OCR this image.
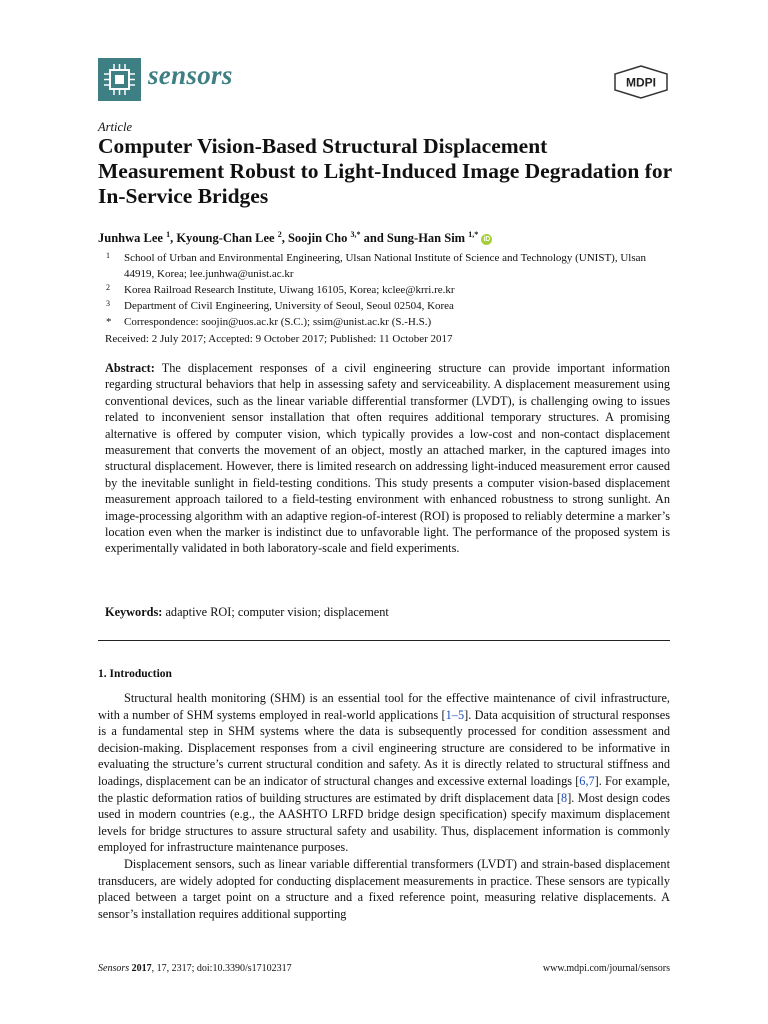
sensors	MDPI
Article
Computer Vision-Based Structural Displacement Measurement Robust to Light-Induced Image Degradation for In-Service Bridges
Junhwa Lee $^1$, Kyoung-Chan Lee $^2$, Soojin Cho $^{3,*}$ and Sung-Han Sim $^{1,*}$ iD
1 School of Urban and Environmental Engineering, Ulsan National Institute of Science and Technology (UNIST), Ulsan 44919, Korea; lee.junhwa@unist.ac.kr
2 Korea Railroad Research Institute, Uiwang 16105, Korea; kclee@krri.re.kr
3 Department of Civil Engineering, University of Seoul, Seoul 02504, Korea
* Correspondence: soojin@uos.ac.kr (S.C.); ssim@unist.ac.kr (S.-H.S.)
Received: 2 July 2017; Accepted: 9 October 2017; Published: 11 October 2017

Abstract: The displacement responses of a civil engineering structure can provide important information regarding structural behaviors that help in assessing safety and serviceability. A displacement measurement using conventional devices, such as the linear variable differential transformer (LVDT), is challenging owing to issues related to inconvenient sensor installation that often requires additional temporary structures. A promising alternative is offered by computer vision, which typically provides a low-cost and non-contact displacement measurement that converts the movement of an object, mostly an attached marker, in the captured images into structural displacement. However, there is limited research on addressing light-induced measurement error caused by the inevitable sunlight in field-testing conditions. This study presents a computer vision-based displacement measurement approach tailored to a field-testing environment with enhanced robustness to strong sunlight. An image-processing algorithm with an adaptive region-of-interest (ROI) is proposed to reliably determine a marker’s location even when the marker is indistinct due to unfavorable light. The performance of the proposed system is experimentally validated in both laboratory-scale and field experiments.

Keywords: adaptive ROI; computer vision; displacement
1. Introduction

Structural health monitoring (SHM) is an essential tool for the effective maintenance of civil infrastructure, with a number of SHM systems employed in real-world applications [1–5]. Data acquisition of structural responses is a fundamental step in SHM systems where the data is subsequently processed for condition assessment and decision-making. Displacement responses from a civil engineering structure are considered to be informative in evaluating the structure’s current structural condition and safety. As it is directly related to structural stiffness and loadings, displacement can be an indicator of structural changes and excessive external loadings [6,7]. For example, the plastic deformation ratios of building structures are estimated by drift displacement data [8]. Most design codes used in modern countries (e.g., the AASHTO LRFD bridge design specification) specify maximum displacement levels for bridge structures to assure structural safety and usability. Thus, displacement information is commonly employed for infrastructure maintenance purposes.

Displacement sensors, such as linear variable differential transformers (LVDT) and strain-based displacement transducers, are widely adopted for conducting displacement measurements in practice. These sensors are typically placed between a target point on a structure and a fixed reference point, measuring relative displacements. A sensor’s installation requires additional supporting

Sensors 2017, 17, 2317; doi:10.3390/s17102317	www.mdpi.com/journal/sensors
